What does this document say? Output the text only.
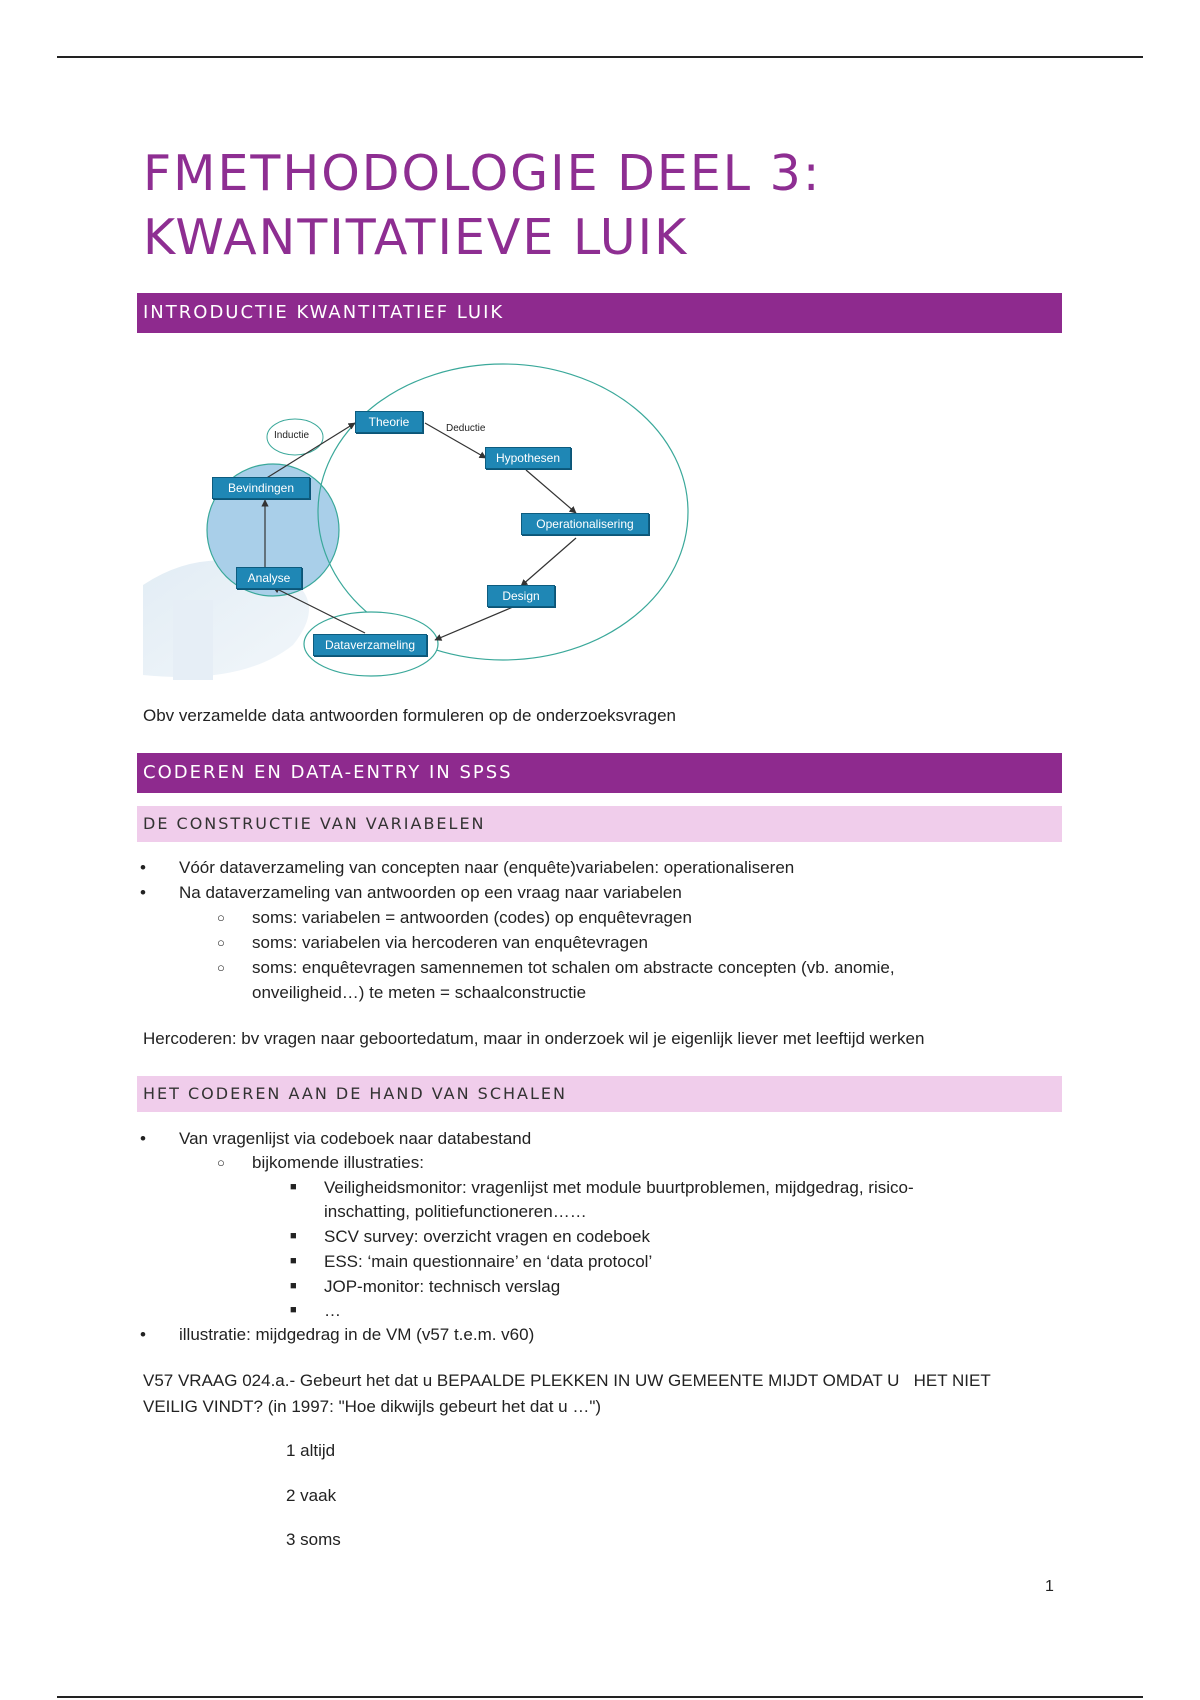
FMETHODOLOGIE DEEL 3:
KWANTITATIEVE LUIK
INTRODUCTIE KWANTITATIEF LUIK
Theorie
Hypothesen
Operationalisering
Design
Dataverzameling
Analyse
Bevindingen
Inductie
Deductie
Obv verzamelde data antwoorden formuleren op de onderzoeksvragen
CODEREN EN DATA-ENTRY IN SPSS
DE CONSTRUCTIE VAN VARIABELEN
• Vóór dataverzameling van concepten naar (enquête)variabelen: operationaliseren
• Na dataverzameling van antwoorden op een vraag naar variabelen
○ soms: variabelen = antwoorden (codes) op enquêtevragen
○ soms: variabelen via hercoderen van enquêtevragen
○ soms: enquêtevragen samennemen tot schalen om abstracte concepten (vb. anomie,
onveiligheid…) te meten = schaalconstructie
Hercoderen: bv vragen naar geboortedatum, maar in onderzoek wil je eigenlijk liever met leeftijd werken
HET CODEREN AAN DE HAND VAN SCHALEN
• Van vragenlijst via codeboek naar databestand
○ bijkomende illustraties:
■ Veiligheidsmonitor: vragenlijst met module buurtproblemen, mijdgedrag, risico-
inschatting, politiefunctioneren……
■ SCV survey: overzicht vragen en codeboek
■ ESS: ‘main questionnaire’ en ‘data protocol’
■ JOP-monitor: technisch verslag
■ …
• illustratie: mijdgedrag in de VM (v57 t.e.m. v60)
V57 VRAAG 024.a.- Gebeurt het dat u BEPAALDE PLEKKEN IN UW GEMEENTE MIJDT OMDAT U   HET NIET
VEILIG VINDT? (in 1997: "Hoe dikwijls gebeurt het dat u …")
1 altijd
2 vaak
3 soms
1
